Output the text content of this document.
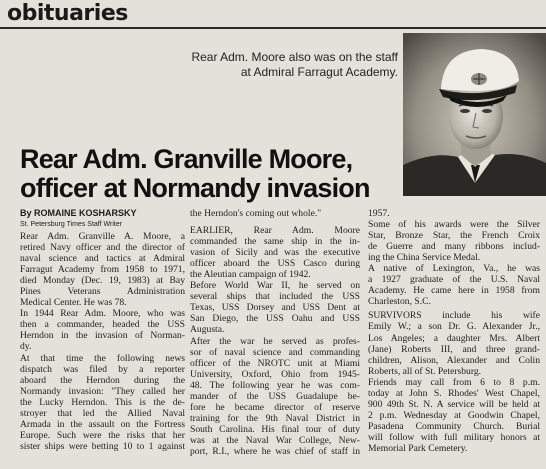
obituaries
Rear Adm. Moore also was on the staff
at Admiral Farragut Academy.
Rear Adm. Granville Moore,
officer at Normandy invasion
By ROMAINE KOSHARSKY
St. Petersburg Times Staff Writer
Rear Adm. Granville A. Moore, a
retired Navy officer and the director of
naval science and tactics at Admiral
Farragut Academy from 1958 to 1971,
died Monday (Dec. 19, 1983) at Bay
Pines Veterans Administration
Medical Center. He was 78.
In 1944 Rear Adm. Moore, who was
then a commander, headed the USS
Herndon in the invasion of Norman-
dy.
At that time the following news
dispatch was filed by a reporter
aboard the Herndon during the
Normandy invasion: "They called her
the Lucky Herndon. This is the de-
stroyer that led the Allied Naval
Armada in the assault on the Fortress
Europe. Such were the risks that her
sister ships were betting 10 to 1 against
the Herndon's coming out whole."
EARLIER, Rear Adm. Moore
commanded the same ship in the in-
vasion of Sicily and was the executive
officer aboard the USS Casco during
the Aleutian campaign of 1942.
Before World War II, he served on
several ships that included the USS
Texas, USS Dorsey and USS Dent at
San Diego, the USS Oahu and USS
Augusta.
After the war he served as profes-
sor of naval science and commanding
officer of the NROTC unit at Miami
University, Oxford, Ohio from 1945-
48. The following year he was com-
mander of the USS Guadalupe be-
fore he became director of reserve
training for the 9th Naval District in
South Carolina. His final tour of duty
was at the Naval War College, New-
port, R.I., where he was chief of staff in
1957.
Some of his awards were the Silver
Star, Bronze Star, the French Croix
de Guerre and many ribbons includ-
ing the China Service Medal.
A native of Lexington, Va., he was
a 1927 graduate of the U.S. Naval
Academy. He came here in 1958 from
Charleston, S.C.
SURVIVORS include his wife
Emily W.; a son Dr. G. Alexander Jr.,
Los Angeles; a daughter Mrs. Albert
(Jane) Roberts III, and three grand-
children, Alison, Alexander and Colin
Roberts, all of St. Petersburg.
Friends may call from 6 to 8 p.m.
today at John S. Rhodes' West Chapel,
900 49th St. N. A service will be held at
2 p.m. Wednesday at Goodwin Chapel,
Pasadena Community Church. Burial
will follow with full military honors at
Memorial Park Cemetery.
